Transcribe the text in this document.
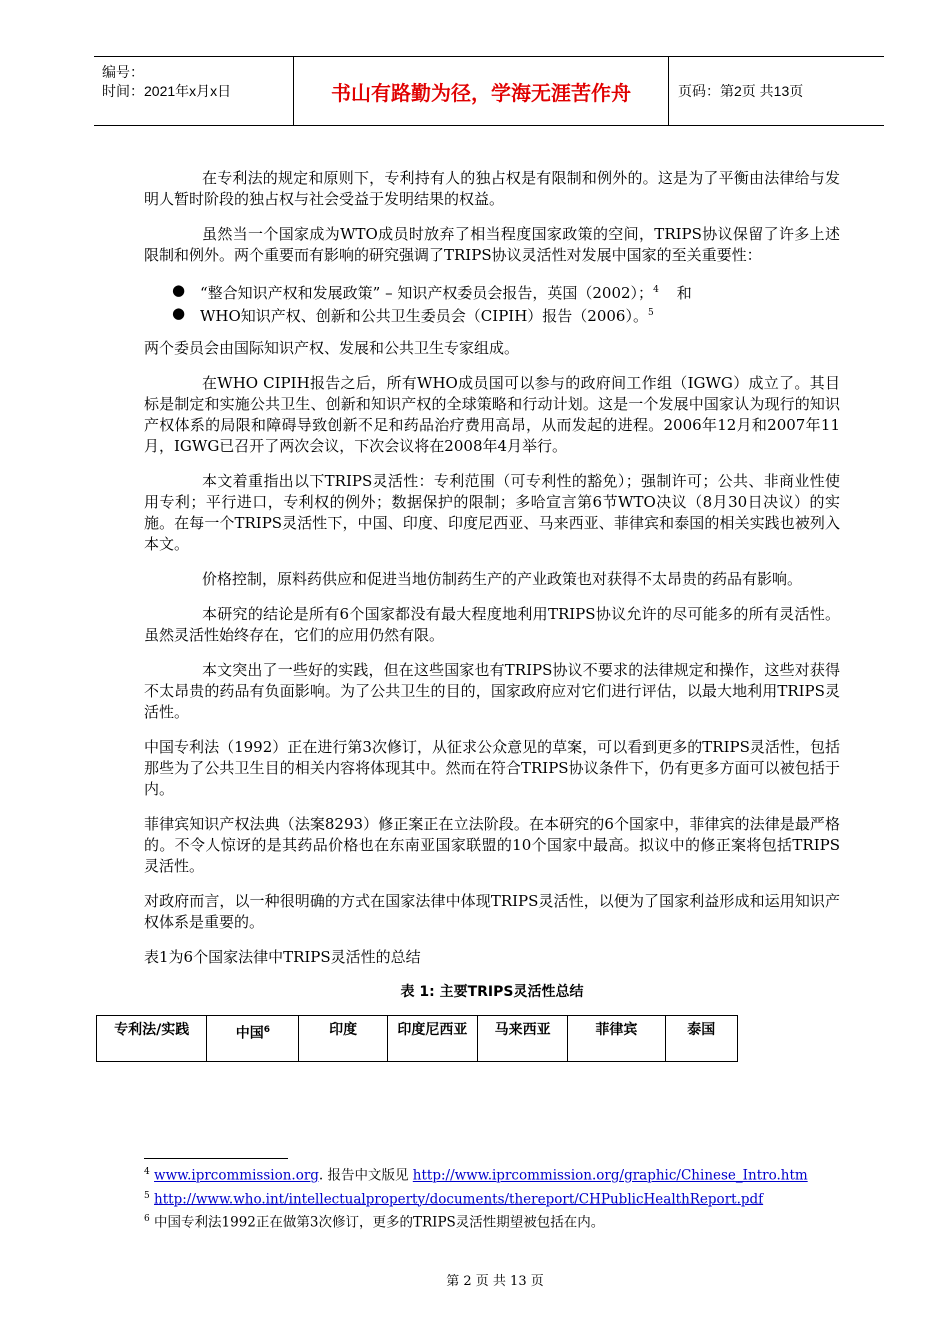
编号：
时间：2021年x月x日	书山有路勤为径，学海无涯苦作舟	页码：第2页 共13页

在专利法的规定和原则下，专利持有人的独占权是有限制和例外的。这是为了平衡由法律给与发明人暂时阶段的独占权与社会受益于发明结果的权益。

虽然当一个国家成为WTO成员时放弃了相当程度国家政策的空间，TRIPS协议保留了许多上述限制和例外。两个重要而有影响的研究强调了TRIPS协议灵活性对发展中国家的至关重要性：

● “整合知识产权和发展政策” – 知识产权委员会报告，英国（2002）；$^4$ 和
● WHO知识产权、创新和公共卫生委员会（CIPIH）报告（2006）。$^5$

两个委员会由国际知识产权、发展和公共卫生专家组成。

在WHO CIPIH报告之后，所有WHO成员国可以参与的政府间工作组（IGWG）成立了。其目标是制定和实施公共卫生、创新和知识产权的全球策略和行动计划。这是一个发展中国家认为现行的知识产权体系的局限和障碍导致创新不足和药品治疗费用高昂，从而发起的进程。2006年12月和2007年11月，IGWG已召开了两次会议，下次会议将在2008年4月举行。

本文着重指出以下TRIPS灵活性：专利范围（可专利性的豁免）；强制许可；公共、非商业性使用专利；平行进口，专利权的例外；数据保护的限制；多哈宣言第6节WTO决议（8月30日决议）的实施。在每一个TRIPS灵活性下，中国、印度、印度尼西亚、马来西亚、菲律宾和泰国的相关实践也被列入本文。

价格控制，原料药供应和促进当地仿制药生产的产业政策也对获得不太昂贵的药品有影响。

本研究的结论是所有6个国家都没有最大程度地利用TRIPS协议允许的尽可能多的所有灵活性。虽然灵活性始终存在，它们的应用仍然有限。

本文突出了一些好的实践，但在这些国家也有TRIPS协议不要求的法律规定和操作，这些对获得不太昂贵的药品有负面影响。为了公共卫生的目的，国家政府应对它们进行评估，以最大地利用TRIPS灵活性。

中国专利法（1992）正在进行第3次修订，从征求公众意见的草案，可以看到更多的TRIPS灵活性，包括那些为了公共卫生目的相关内容将体现其中。然而在符合TRIPS协议条件下，仍有更多方面可以被包括于内。

菲律宾知识产权法典（法案8293）修正案正在立法阶段。在本研究的6个国家中，菲律宾的法律是最严格的。不令人惊讶的是其药品价格也在东南亚国家联盟的10个国家中最高。拟议中的修正案将包括TRIPS灵活性。

对政府而言，以一种很明确的方式在国家法律中体现TRIPS灵活性，以便为了国家利益形成和运用知识产权体系是重要的。

表1为6个国家法律中TRIPS灵活性的总结

表 1: 主要TRIPS灵活性总结
专利法/实践	中国$^6$	印度	印度尼西亚	马来西亚	菲律宾	泰国
$^4$ www.iprcommission.org. 报告中文版见 http://www.iprcommission.org/graphic/Chinese_Intro.htm
$^5$ http://www.who.int/intellectualproperty/documents/thereport/CHPublicHealthReport.pdf
$^6$ 中国专利法1992正在做第3次修订，更多的TRIPS灵活性期望被包括在内。
第 2 页 共 13 页
